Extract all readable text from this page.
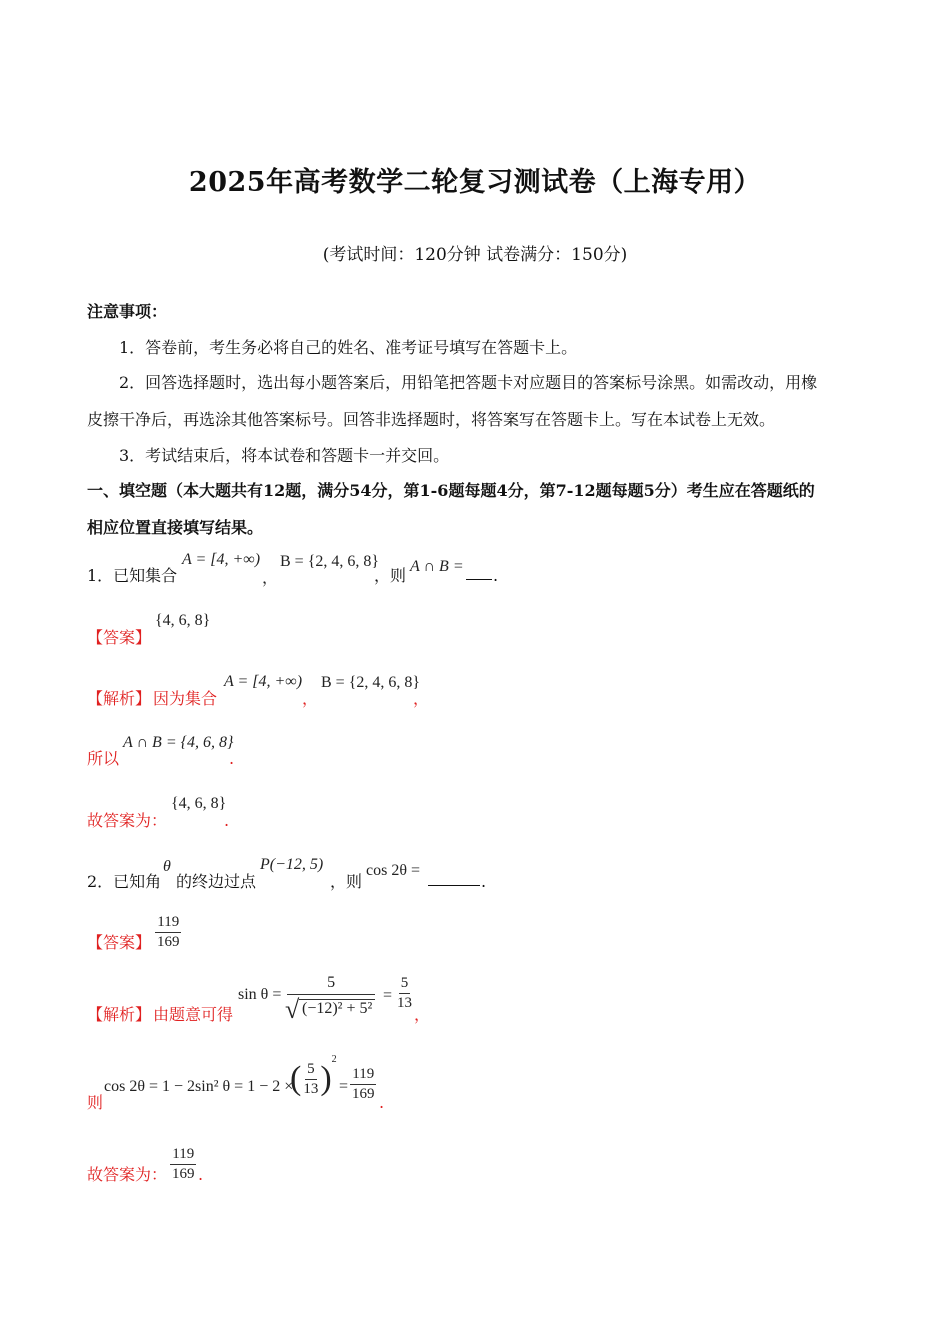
2025年高考数学二轮复习测试卷（上海专用）
(考试时间：120分钟 试卷满分：150分)
注意事项：
1．答卷前，考生务必将自己的姓名、准考证号填写在答题卡上。
2．回答选择题时，选出每小题答案后，用铅笔把答题卡对应题目的答案标号涂黑。如需改动，用橡
皮擦干净后，再选涂其他答案标号。回答非选择题时，将答案写在答题卡上。写在本试卷上无效。
3．考试结束后，将本试卷和答题卡一并交回。
一、填空题（本大题共有12题，满分54分，第1-6题每题4分，第7-12题每题5分）考生应在答题纸的
相应位置直接填写结果。
1．已知集合
A = [4, +∞)
，
B = {2, 4, 6, 8}
，则 A ∩ B = .
【答案】
{4, 6, 8}
【解析】 因为集合
A = [4, +∞)
，
B = {2, 4, 6, 8}
，
所以
A ∩ B = {4, 6, 8}
.
故答案为：
{4, 6, 8}
.
2．已知角
θ
的终边过点
P(−12, 5)
，则
cos 2θ =
.
【答案】 $\frac{119}{169}$
【解析】 由题意可得
sin θ = 5
√ $(-12)^2 + 5^2 = \frac{5}{13}$
，
则
cos 2θ = 1 − 2sin² θ = 1 − 2 ×
( $\frac{5}{13} )^2$
= $\frac{119}{169}$ .
故答案为： $\frac{119}{169}$ .
